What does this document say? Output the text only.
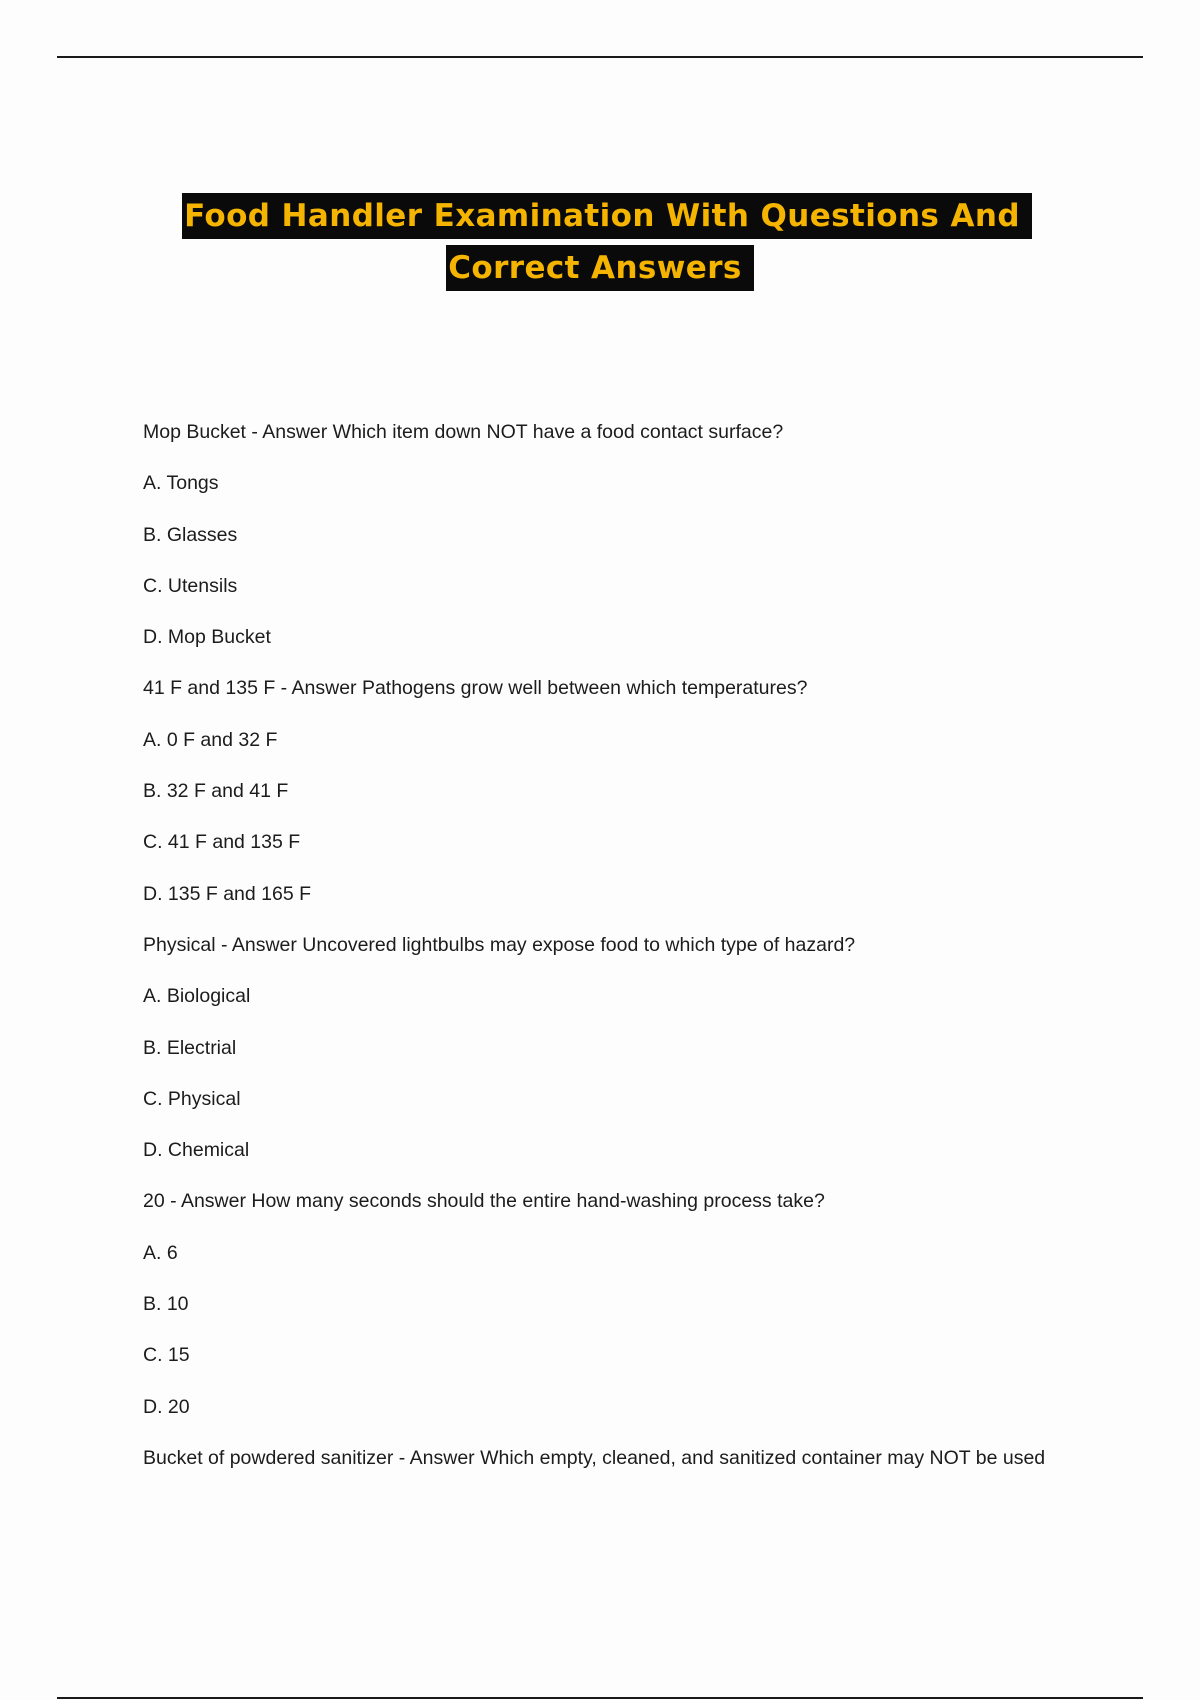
Food Handler Examination With Questions And
Correct Answers
Mop Bucket - Answer Which item down NOT have a food contact surface?
A. Tongs
B. Glasses
C. Utensils
D. Mop Bucket
41 F and 135 F - Answer Pathogens grow well between which temperatures?
A. 0 F and 32 F
B. 32 F and 41 F
C. 41 F and 135 F
D. 135 F and 165 F
Physical - Answer Uncovered lightbulbs may expose food to which type of hazard?
A. Biological
B. Electrial
C. Physical
D. Chemical
20 - Answer How many seconds should the entire hand-washing process take?
A. 6
B. 10
C. 15
D. 20
Bucket of powdered sanitizer - Answer Which empty, cleaned, and sanitized container may NOT be used
